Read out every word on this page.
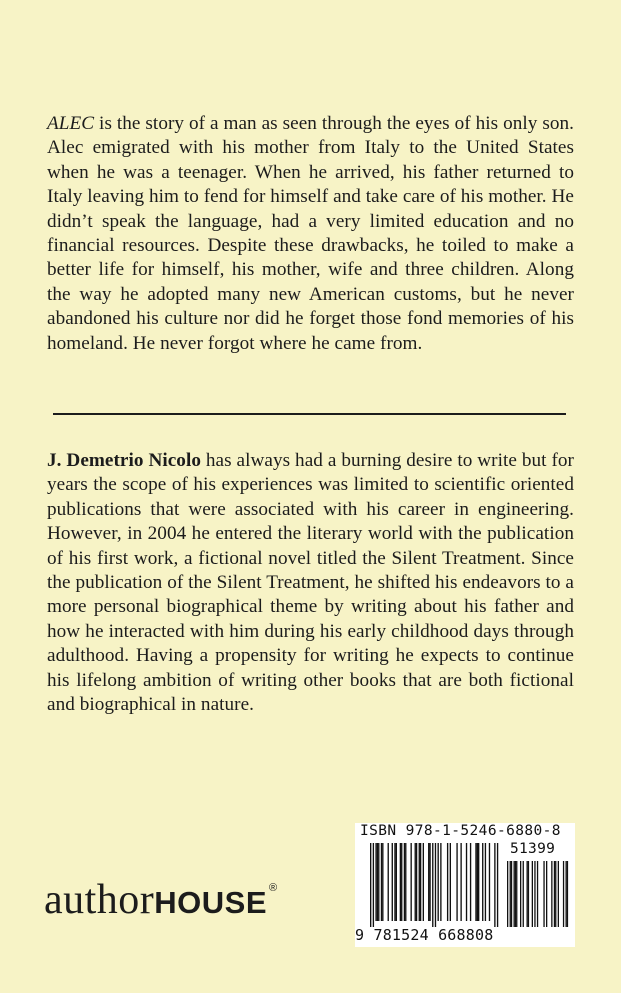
ALEC is the story of a man as seen through the eyes of his only son. Alec emigrated with his mother from Italy to the United States when he was a teenager. When he arrived, his father returned to Italy leaving him to fend for himself and take care of his mother. He didn’t speak the language, had a very limited education and no financial resources. Despite these drawbacks, he toiled to make a better life for himself, his mother, wife and three children. Along the way he adopted many new American customs, but he never abandoned his culture nor did he forget those fond memories of his homeland. He never forgot where he came from.

J. Demetrio Nicolo has always had a burning desire to write but for years the scope of his experiences was limited to scientific oriented publications that were associated with his career in engineering. However, in 2004 he entered the literary world with the publication of his first work, a fictional novel titled the Silent Treatment. Since the publication of the Silent Treatment, he shifted his endeavors to a more personal biographical theme by writing about his father and how he interacted with him during his early childhood days through adulthood. Having a propensity for writing he expects to continue his lifelong ambition of writing other books that are both fictional and biographical in nature.

author HOUSE ®
ISBN 978-1-5246-6880-8
51399
9 781524 668808
